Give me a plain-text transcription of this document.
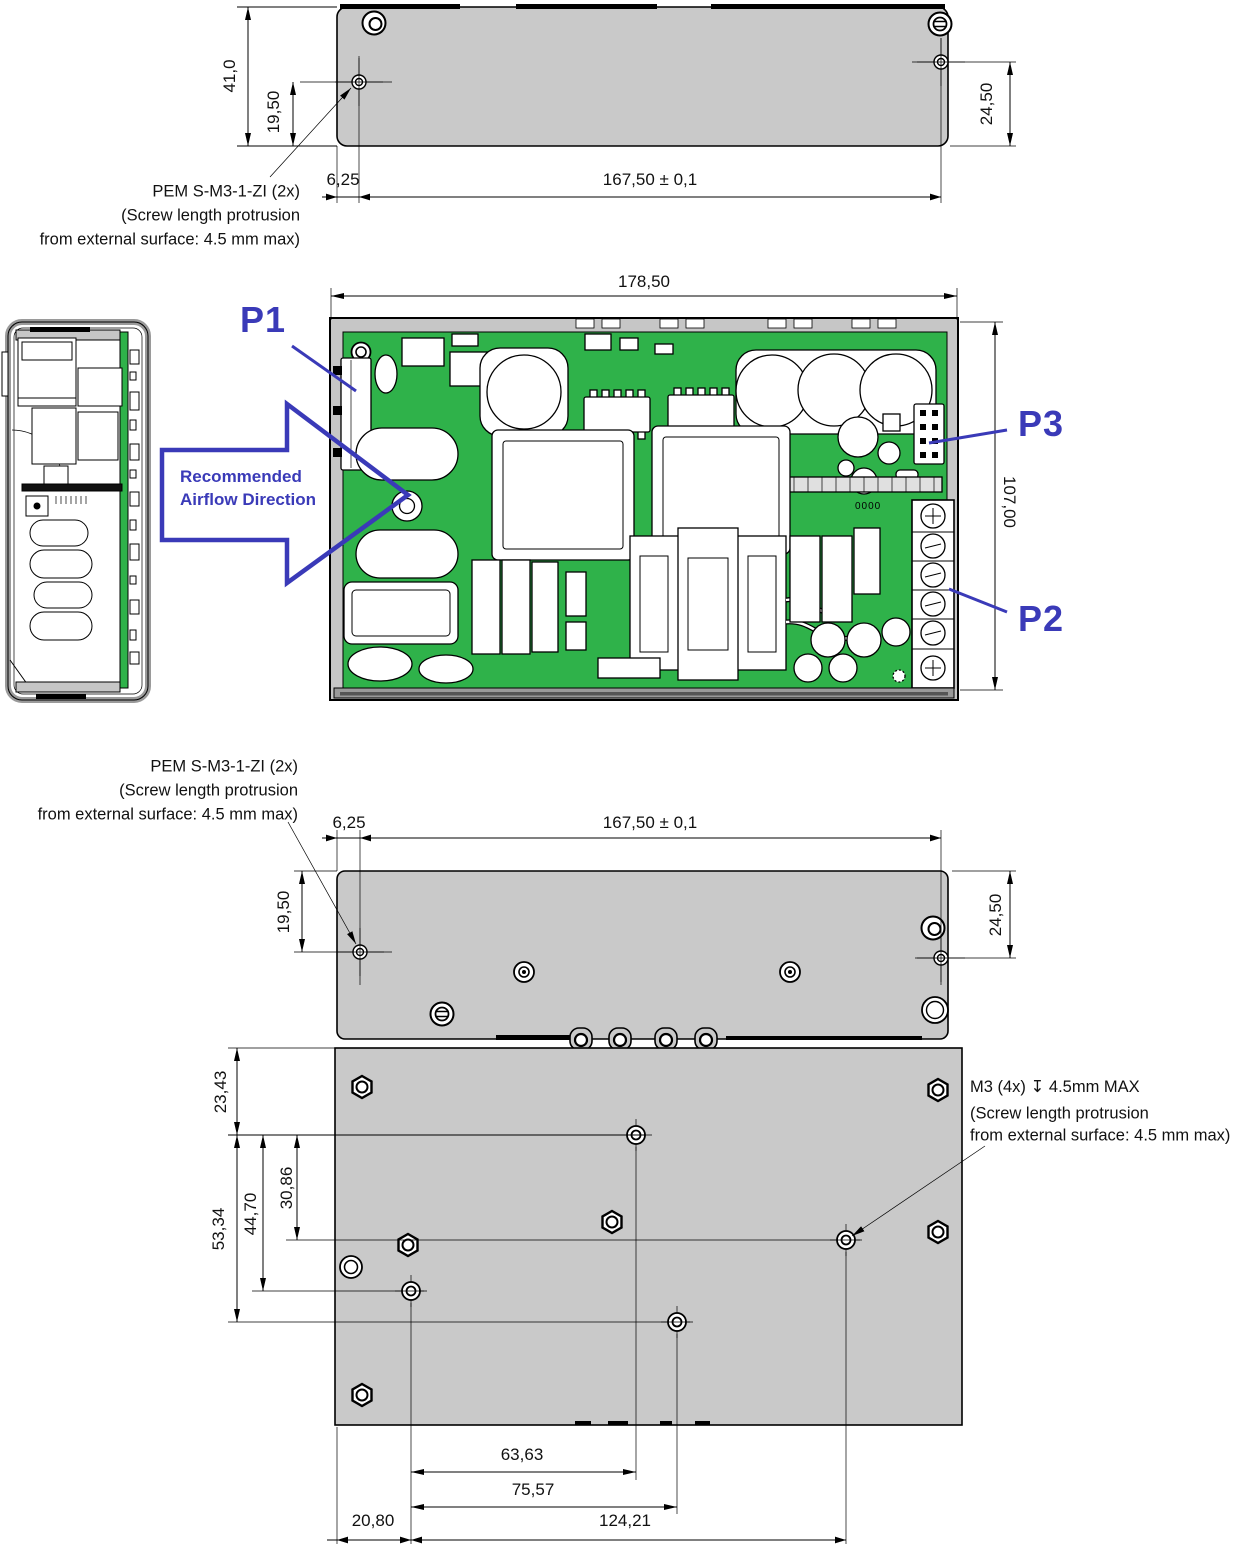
0000
41,0
19,50	24,50
6,25	167,50 ± 0,1
PEM S-M3-1-ZI (2x)
(Screw length protrusion
from external surface: 4.5 mm max)
178,50
107,00
P1
P3
P2
Recommended
Airflow Direction
PEM S-M3-1-ZI (2x)
(Screw length protrusion
from external surface: 4.5 mm max) 6,25	167,50 ± 0,1
19,50	24,50
23,43
53,34 44,70
30,86
63,63
75,57
20,80	124,21
M3 (4x) ↧ 4.5mm MAX
(Screw length protrusion
from external surface: 4.5 mm max)
